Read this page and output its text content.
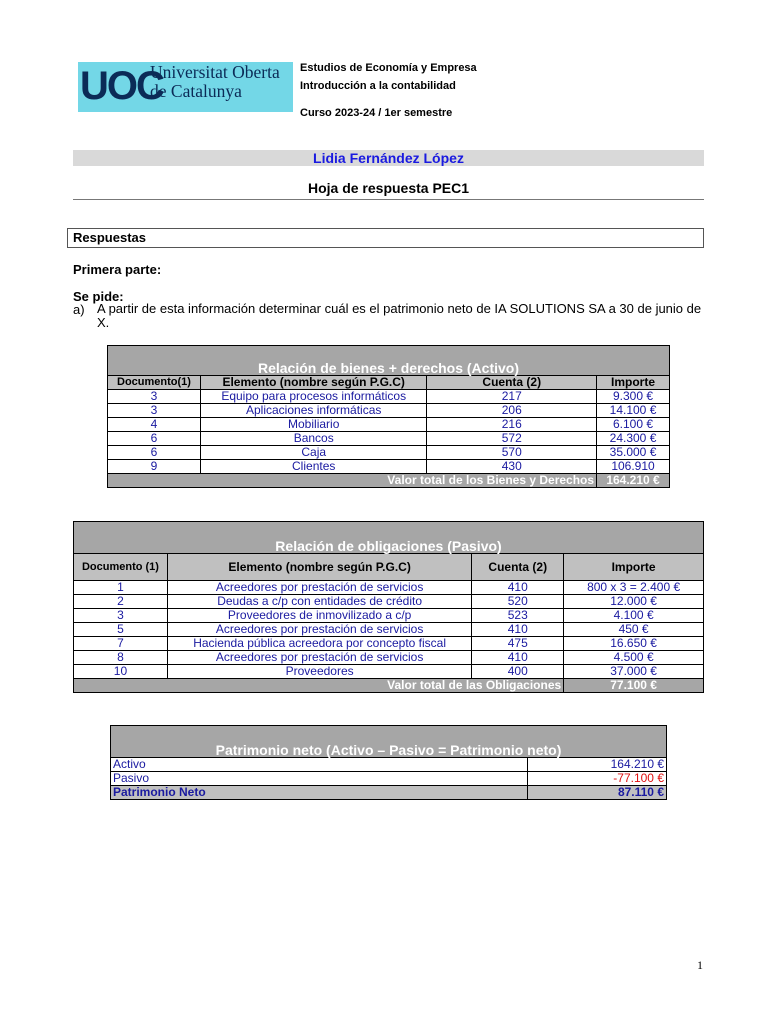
UOC
Universitat Oberta
de Catalunya
Estudios de Economía y Empresa
Introducción a la contabilidad
Curso 2023-24 / 1er semestre
Lidia Fernández López
Hoja de respuesta PEC1
Respuestas
Primera parte:
Se pide:
a) A partir de esta información determinar cuál es el patrimonio neto de IA SOLUTIONS SA a 30 de junio de X.
Relación de bienes + derechos (Activo)			
Documento(1)	Elemento (nombre según P.G.C)	Cuenta (2)	Importe
3	Equipo para procesos informáticos	217	9.300 €
3	Aplicaciones informáticas	206	14.100 €
4	Mobiliario	216	6.100 €
6	Bancos	572	24.300 €
6	Caja	570	35.000 €
9	Clientes	430	106.910
Valor total de los Bienes y Derechos			164.210 €
Relación de obligaciones (Pasivo)			
Documento (1)	Elemento (nombre según P.G.C)	Cuenta (2)	Importe
1	Acreedores por prestación de servicios	410	800 x 3 = 2.400 €
2	Deudas a c/p con entidades de crédito	520	12.000 €
3	Proveedores de inmovilizado a c/p	523	4.100 €
5	Acreedores por prestación de servicios	410	450 €
7	Hacienda pública acreedora por concepto fiscal	475	16.650 €
8	Acreedores por prestación de servicios	410	4.500 €
10	Proveedores	400	37.000 €
Valor total de las Obligaciones			77.100 €
Patrimonio neto (Activo – Pasivo = Patrimonio neto)	
Activo	164.210 €
Pasivo	-77.100 €
Patrimonio Neto	87.110 €
1
